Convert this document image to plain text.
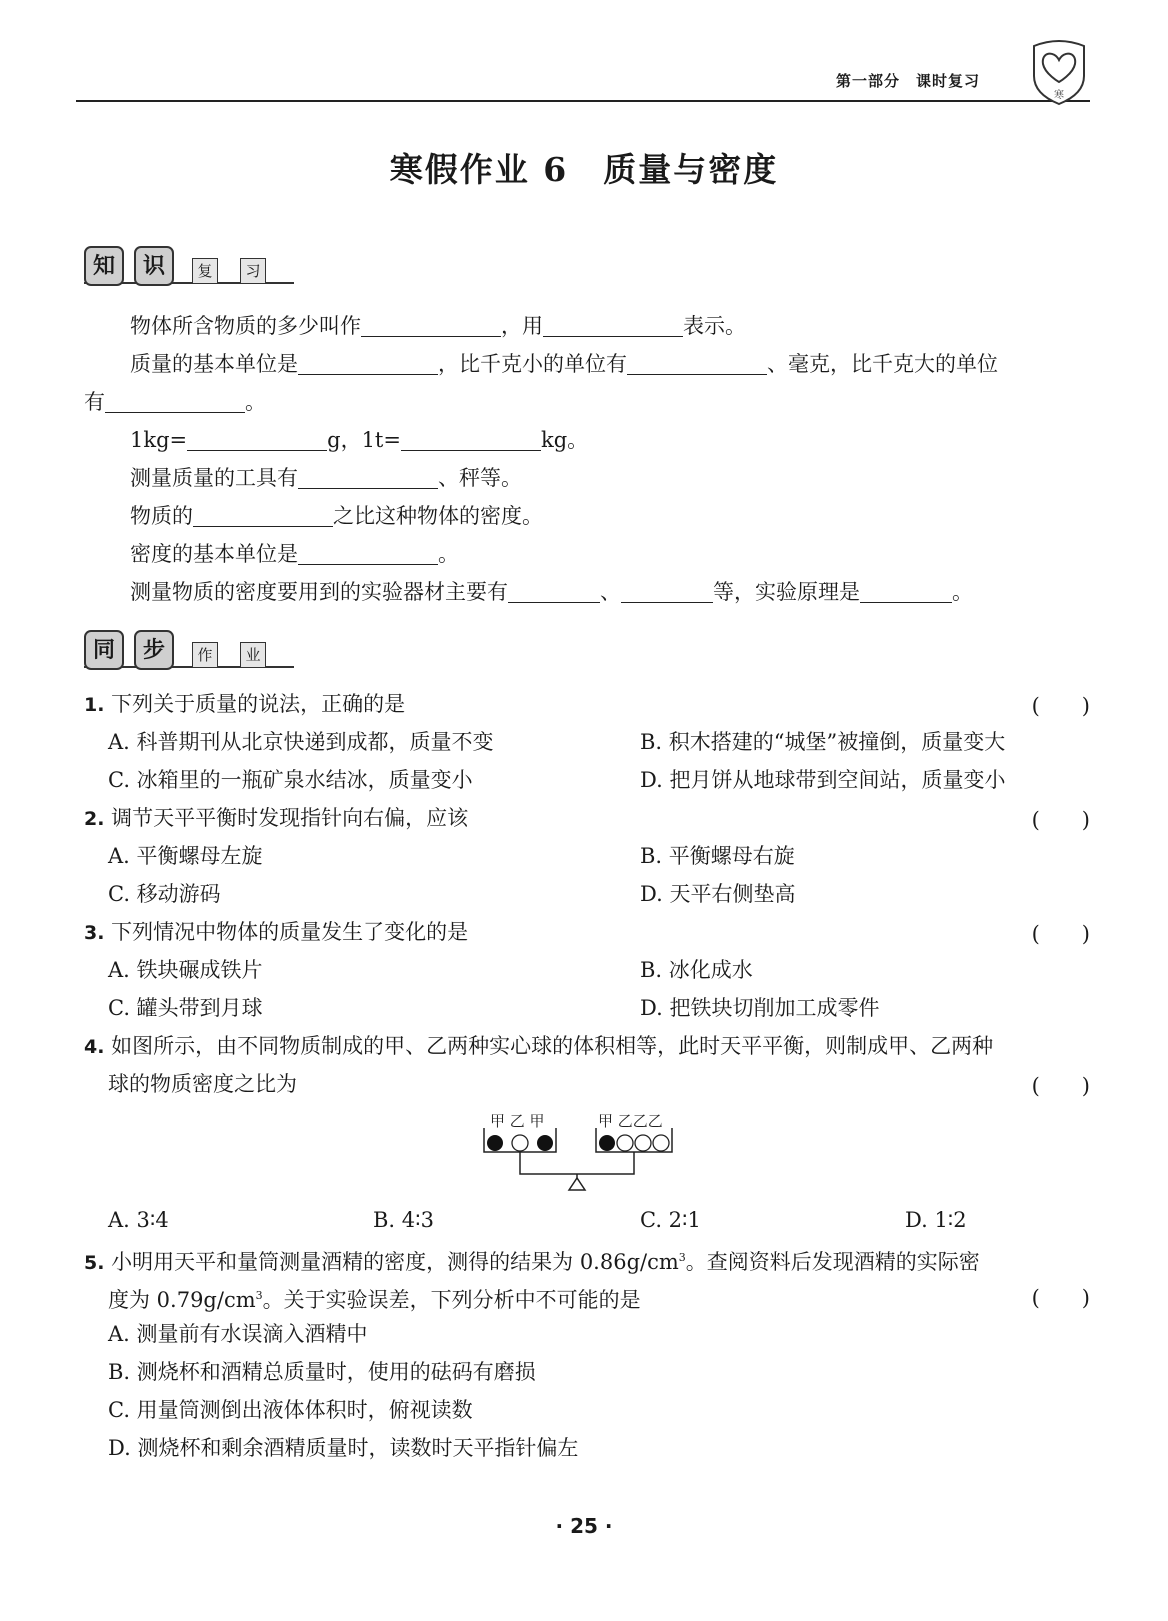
第一部分　 课时复习
寒
寒假作业 6　质量与密度
知	识	复	习
物体所含物质的多少叫作	，用	表示。
质量的基本单位是	，比千克小的单位有	、毫克，比千克大的单位
有	。
1kg=	g，1t=	kg。
测量质量的工具有	、秤等。
物质的	之比这种物体的密度。
密度的基本单位是	。
测量物质的密度要用到的实验器材主要有	、	等，实验原理是	。
同	步	作	业
1. 下列关于质量的说法，正确的是	(　　)
A. 科普期刊从北京快递到成都，质量不变	B. 积木搭建的“城堡”被撞倒，质量变大
C. 冰箱里的一瓶矿泉水结冰，质量变小	D. 把月饼从地球带到空间站，质量变小
2. 调节天平平衡时发现指针向右偏，应该	(　　)
A. 平衡螺母左旋	B. 平衡螺母右旋
C. 移动游码	D. 天平右侧垫高
3. 下列情况中物体的质量发生了变化的是	(　　)
A. 铁块碾成铁片	B. 冰化成水
C. 罐头带到月球	D. 把铁块切削加工成零件
4. 如图所示，由不同物质制成的甲、乙两种实心球的体积相等，此时天平平衡，则制成甲、乙两种
球的物质密度之比为	(　　)
甲 乙 甲	甲 乙乙乙
A. 3∶4	B. 4∶3	C. 2∶1	D. 1∶2
5. 小明用天平和量筒测量酒精的密度，测得的结果为 $0.86g/cm^3$。查阅资料后发现酒精的实际密
度为 $0.79g/cm^3$。关于实验误差，下列分析中不可能的是	(　　)
A. 测量前有水误滴入酒精中
B. 测烧杯和酒精总质量时，使用的砝码有磨损
C. 用量筒测倒出液体体积时，俯视读数
D. 测烧杯和剩余酒精质量时，读数时天平指针偏左
· 25 ·
